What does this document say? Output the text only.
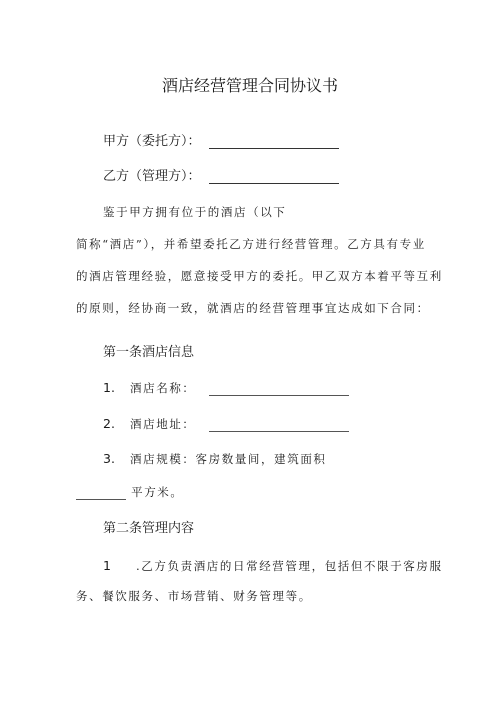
酒店经营管理合同协议书
甲方（委托方）：
乙方（管理方）：
鉴于甲方拥有位于的酒店（以下
简称“酒店”），并希望委托乙方进行经营管理。乙方具有专业
的酒店管理经验，愿意接受甲方的委托。甲乙双方本着平等互利
的原则，经协商一致，就酒店的经营管理事宜达成如下合同：
第一条酒店信息
1. 酒店名称：
2. 酒店地址：
3. 酒店规模：客房数量间，建筑面积
平方米。
第二条管理内容
1 .乙方负责酒店的日常经营管理，包括但不限于客房服
务、餐饮服务、市场营销、财务管理等。
